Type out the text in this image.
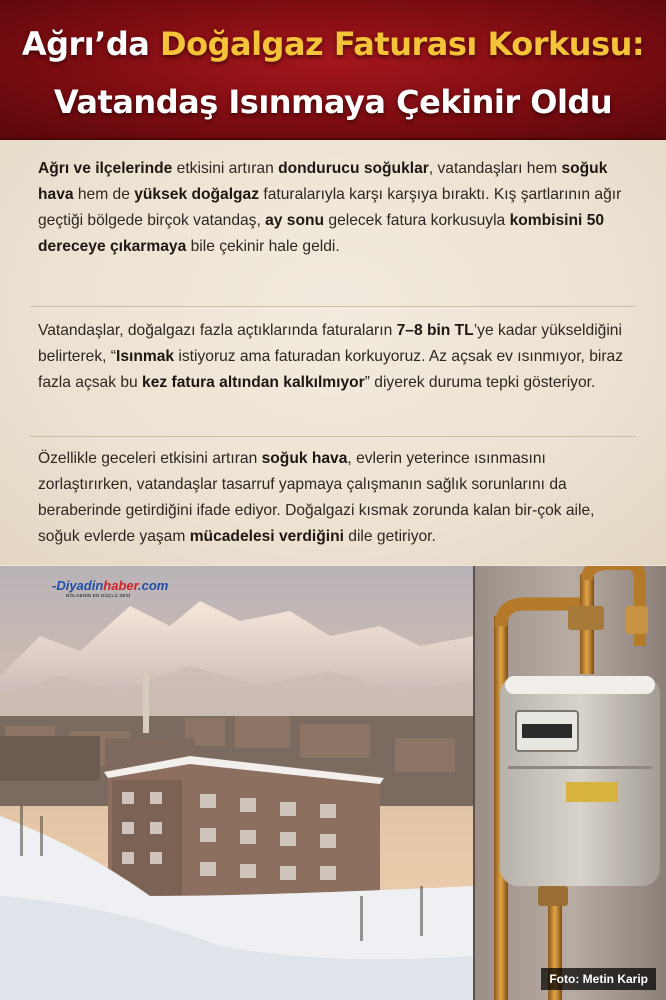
Ağrı’da Doğalgaz Faturası Korkusu:
Vatandaş Isınmaya Çekinir Oldu

Ağrı ve ilçelerinde etkisini artıran dondurucu soğuklar, vatandaşları hem soğuk hava hem de yüksek doğalgaz faturalarıyla karşı karşıya bıraktı. Kış şartlarının ağır geçtiği bölgede birçok vatandaş, ay sonu gelecek fatura korkusuyla kombisini 50 dereceye çıkarmaya bile çekinir hale geldi.

Vatandaşlar, doğalgazı fazla açtıklarında faturaların 7–8 bin TL’ye kadar yükseldiğini belirterek, “Isınmak istiyoruz ama faturadan korkuyoruz. Az açsak ev ısınmıyor, biraz fazla açsak bu kez fatura altından kalkılmıyor” diyerek duruma tepki gösteriyor.

Özellikle geceleri etkisini artıran soğuk hava, evlerin yeterince ısınmasını zorlaştırırken, vatandaşlar tasarruf yapmaya çalışmanın sağlık sorunlarını da beraberinde getirdiğini ifade ediyor. Doğalgazi kısmak zorunda kalan bir-çok aile, soğuk evlerde yaşam mücadelesi verdiğini dile getiriyor.

-Diyadinhaber.com
BÖLGENİN EN GÜÇLÜ SESİ
Foto: Metin Karip
